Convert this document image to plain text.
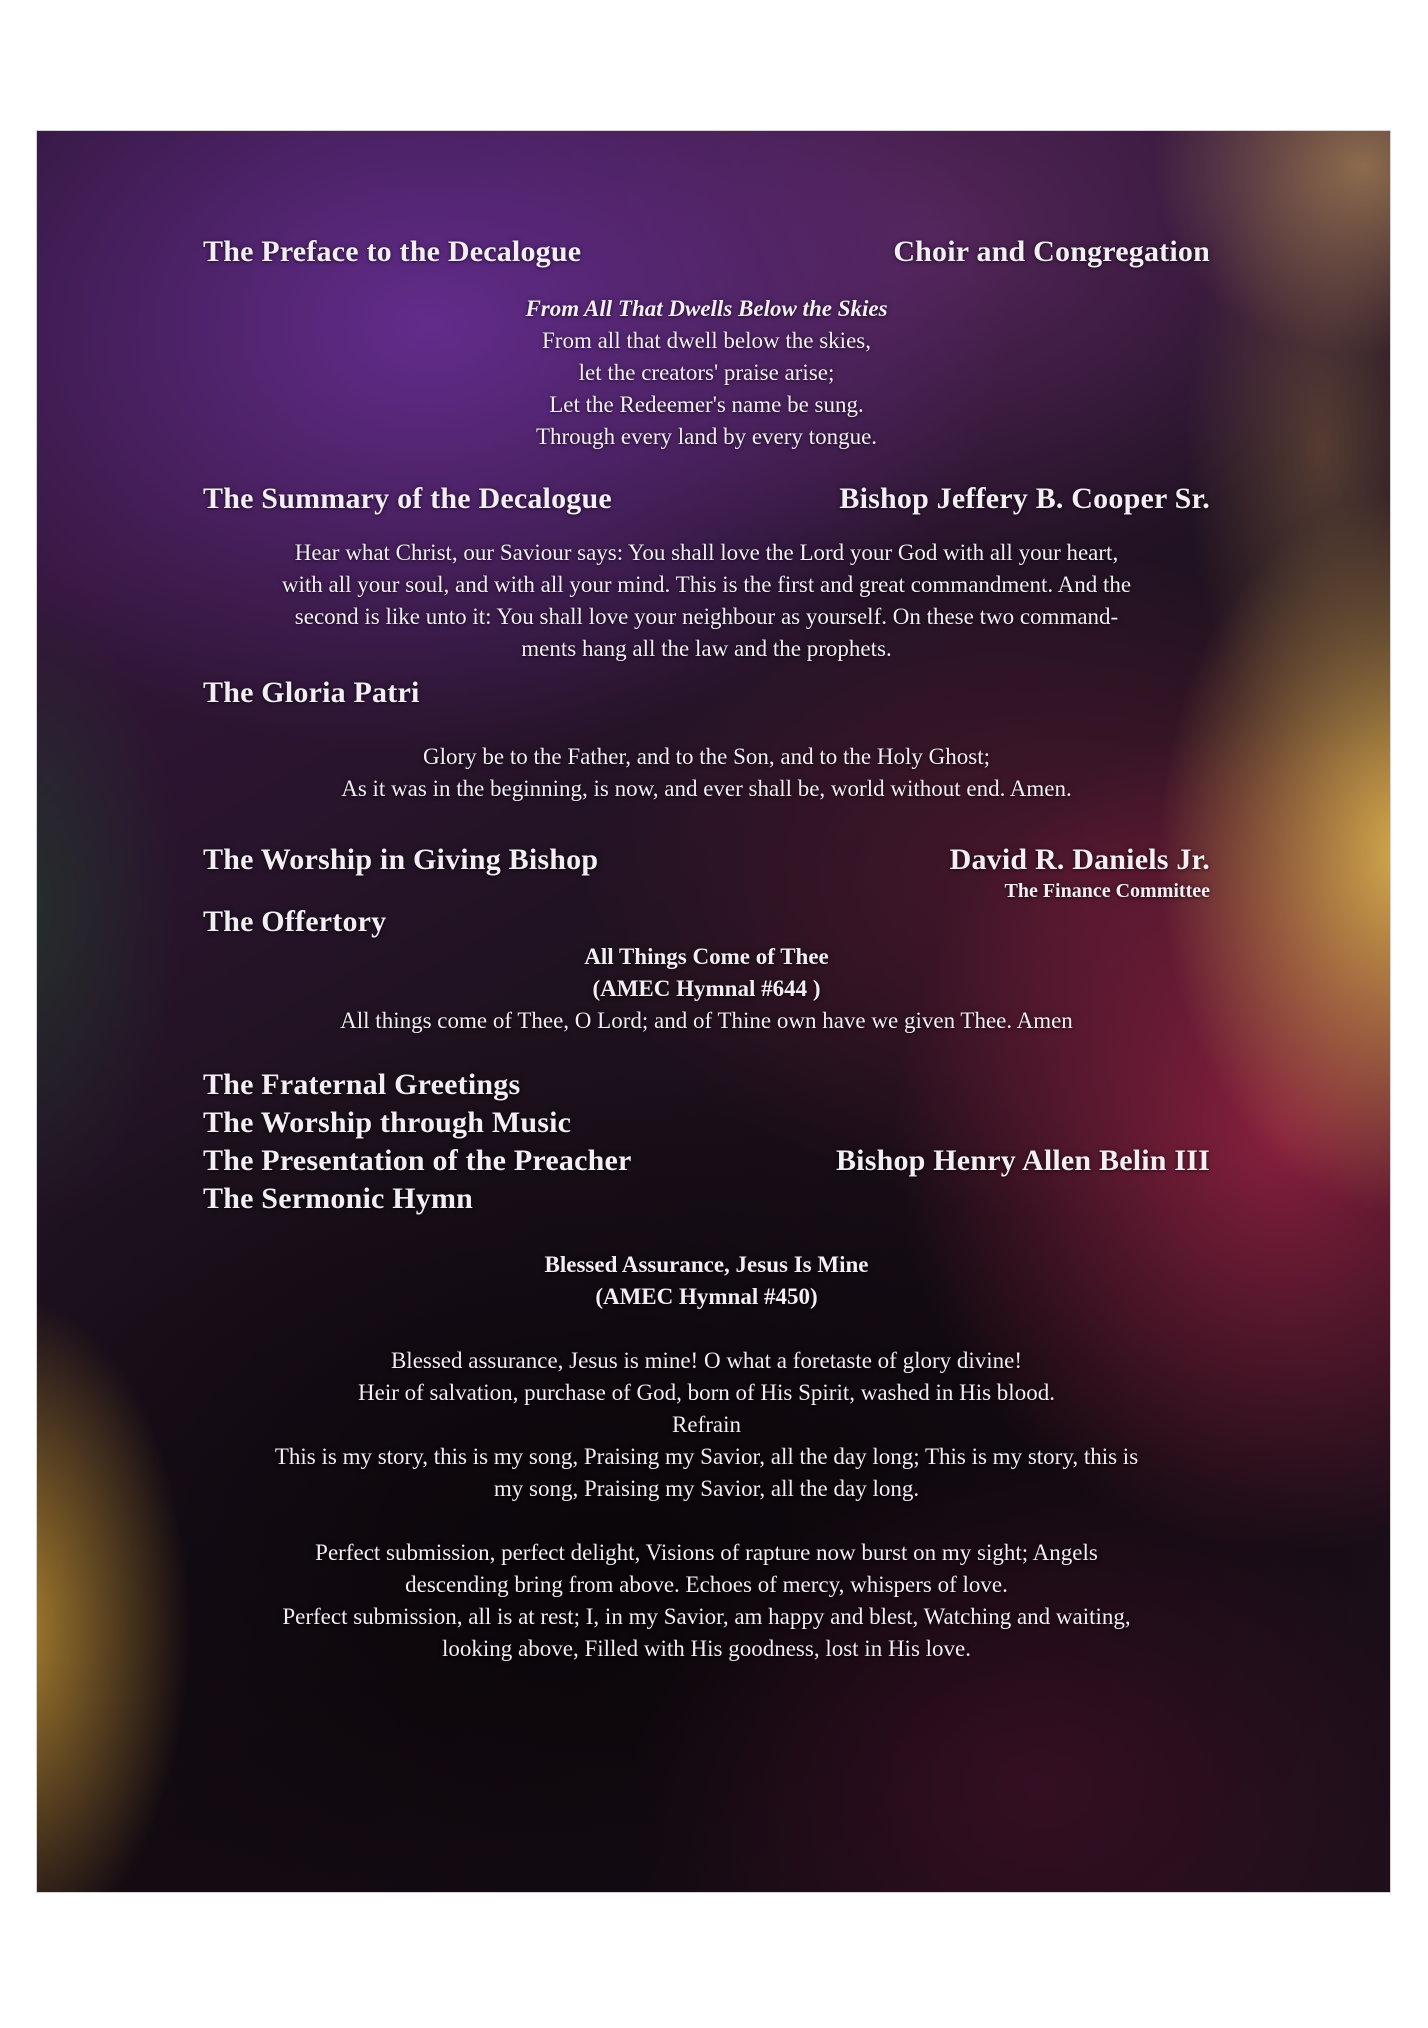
The Preface to the Decalogue	Choir and Congregation
From All That Dwells Below the Skies
From all that dwell below the skies,
let the creators' praise arise;
Let the Redeemer's name be sung.
Through every land by every tongue.
The Summary of the Decalogue	Bishop Jeffery B. Cooper Sr.
Hear what Christ, our Saviour says: You shall love the Lord your God with all your heart,
with all your soul, and with all your mind. This is the first and great commandment. And the
second is like unto it: You shall love your neighbour as yourself. On these two command-
ments hang all the law and the prophets.
The Gloria Patri
Glory be to the Father, and to the Son, and to the Holy Ghost;
As it was in the beginning, is now, and ever shall be, world without end. Amen.
The Worship in Giving Bishop	David R. Daniels Jr.
The Finance Committee
The Offertory
All Things Come of Thee
(AMEC Hymnal #644 )
All things come of Thee, O Lord; and of Thine own have we given Thee. Amen
The Fraternal Greetings
The Worship through Music
The Presentation of the Preacher	Bishop Henry Allen Belin III
The Sermonic Hymn
Blessed Assurance, Jesus Is Mine
(AMEC Hymnal #450)
Blessed assurance, Jesus is mine! O what a foretaste of glory divine!
Heir of salvation, purchase of God, born of His Spirit, washed in His blood.
Refrain
This is my story, this is my song, Praising my Savior, all the day long; This is my story, this is
my song, Praising my Savior, all the day long.
Perfect submission, perfect delight, Visions of rapture now burst on my sight; Angels
descending bring from above. Echoes of mercy, whispers of love.
Perfect submission, all is at rest; I, in my Savior, am happy and blest, Watching and waiting,
looking above, Filled with His goodness, lost in His love.
